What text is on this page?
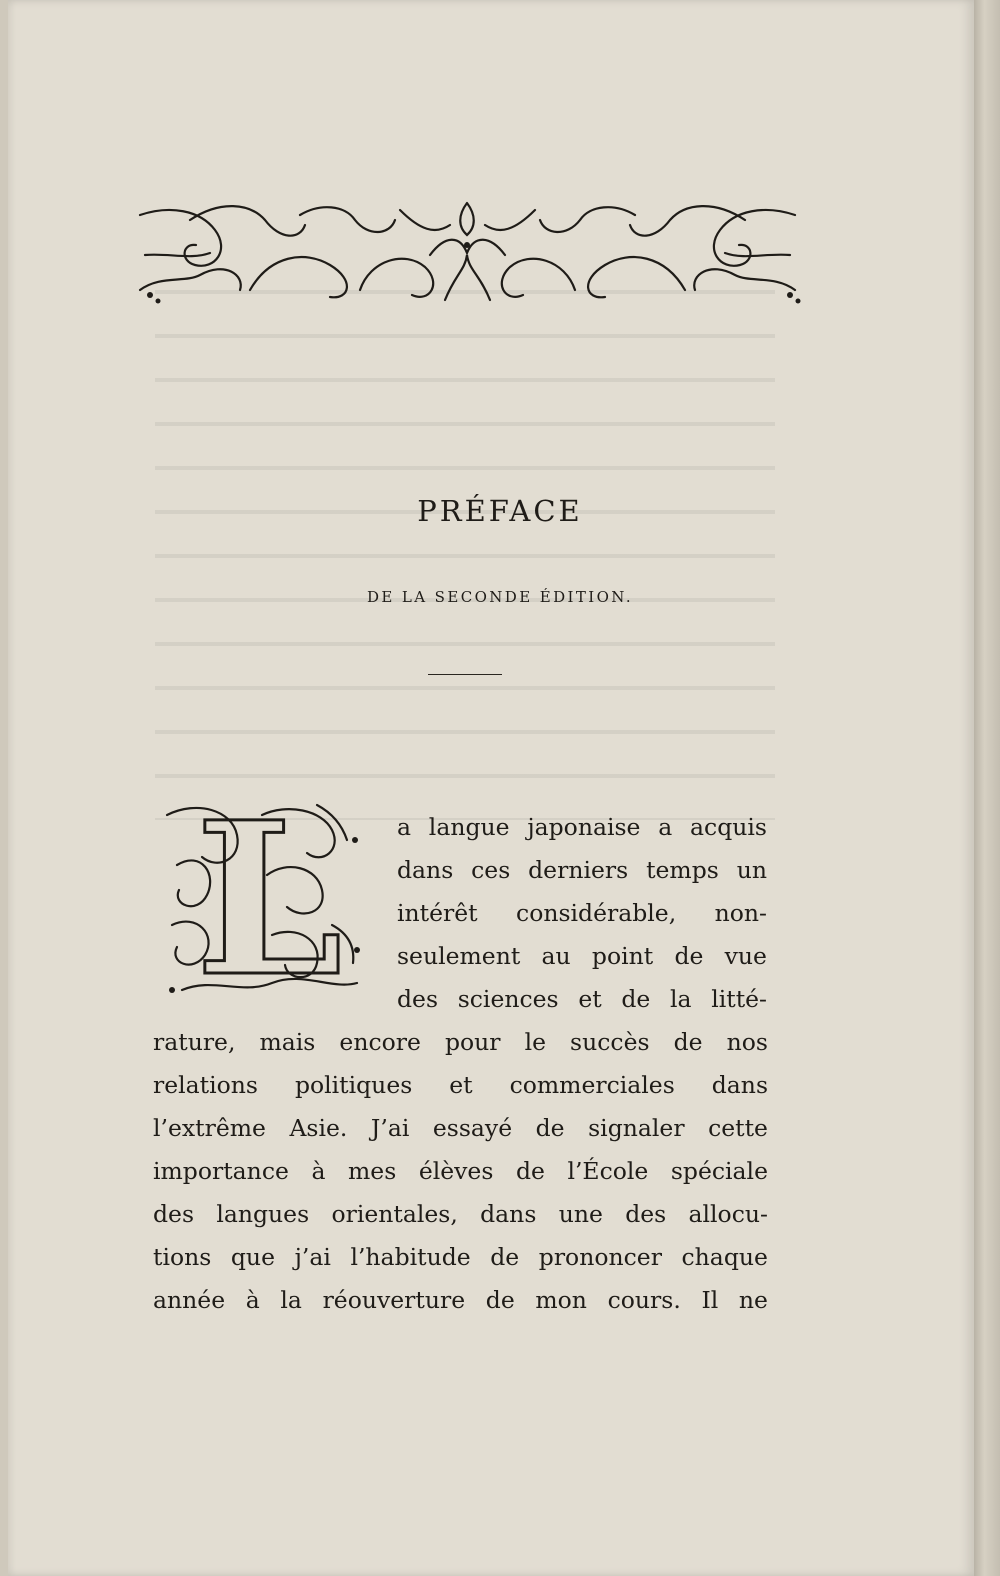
PRÉFACE
DE LA SECONDE ÉDITION.
L a langue japonaise a acquis
dans ces derniers temps un
intérêt considérable, non-
seulement au point de vue
des sciences et de la litté-
rature, mais encore pour le succès de nos
relations politiques et commerciales dans
l’extrême Asie. J’ai essayé de signaler cette
importance à mes élèves de l’École spéciale
des langues orientales, dans une des allocu-
tions que j’ai l’habitude de prononcer chaque
année à la réouverture de mon cours. Il ne
